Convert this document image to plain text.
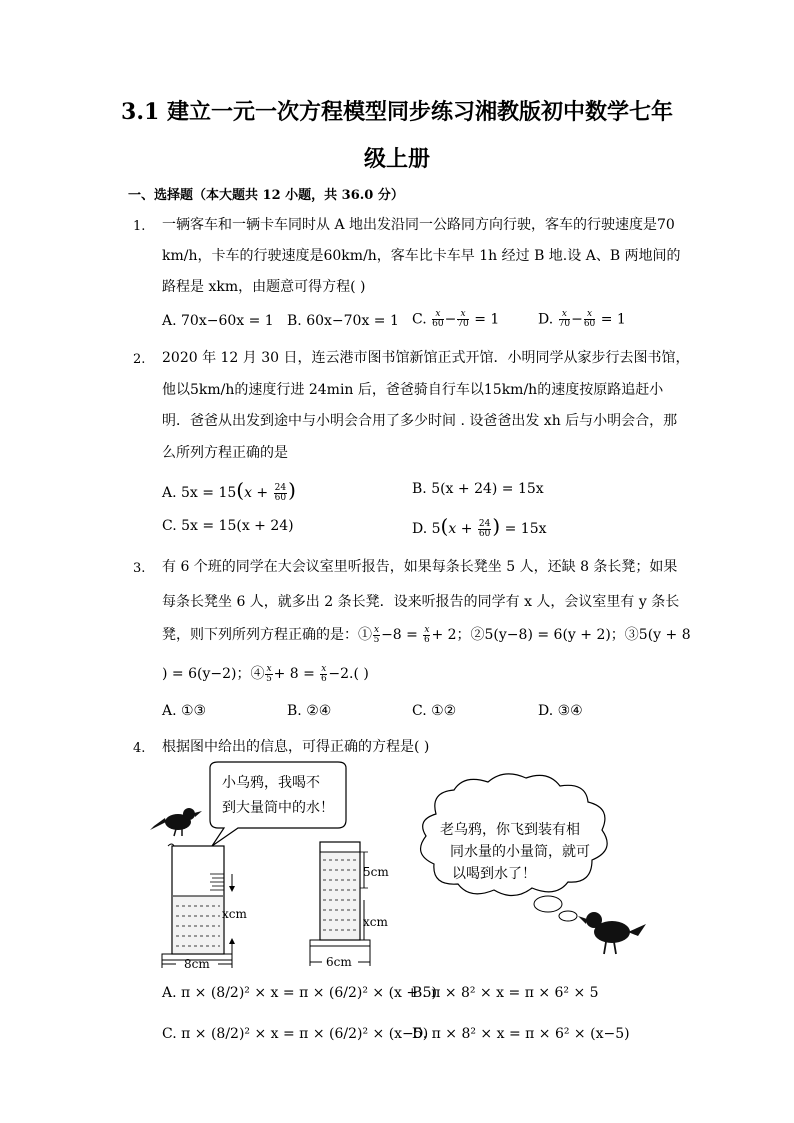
3.1 建立一元一次方程模型同步练习湘教版初中数学七年
级上册
一、选择题（本大题共 12 小题，共 36.0 分）
1. 一辆客车和一辆卡车同时从 A 地出发沿同一公路同方向行驶，客车的行驶速度是70
km/h，卡车的行驶速度是60km/h，客车比卡车早 1h 经过 B 地.设 A、B 两地间的
路程是 xkm，由题意可得方程( )
A. 70x−60x = 1 B. 60x−70x = 1 C. $\frac{x}{60} - \frac{x}{70} = 1$	D. $\frac{x}{70} - \frac{x}{60} = 1$
2. 2020 年 12 月 30 日，连云港市图书馆新馆正式开馆．小明同学从家步行去图书馆，
他以5km/h的速度行进 24min 后，爸爸骑自行车以15km/h的速度按原路追赶小
明．爸爸从出发到途中与小明会合用了多少时间 . 设爸爸出发 xh 后与小明会合，那
么所列方程正确的是
A. $5x = 15(x + \frac{24}{60}$ )	B. 5(x + 24) = 15x
C. 5x = 15(x + 24)	D. $5(x + \frac{24}{60}$ ) = 15x
3. 有 6 个班的同学在大会议室里听报告，如果每条长凳坐 5 人，还缺 8 条长凳；如果
每条长凳坐 6 人，就多出 2 条长凳．设来听报告的同学有 x 人，会议室里有 y 条长
凳，则下列所列方程正确的是：① $\frac{x}{5} -8 = \frac{x}{6} + 2$；②5(y−8) = 6(y + 2)；③5(y + 8
) = 6(y−2)；④ $\frac{x}{5} + 8 = \frac{x}{6} -2$.( )
A. ①③	B. ②④	C. ①②	D. ③④
4. 根据图中给出的信息，可得正确的方程是( )
小乌鸦，我喝不
到大量筒中的水！
xcm
8cm
5cm
xcm
6cm
老乌鸦，你飞到装有相
同水量的小量筒，就可
以喝到水了！
A. π × (8/2)² × x = π × (6/2)² × (x + 5)
B. π × 8² × x = π × 6² × 5
C. π × (8/2)² × x = π × (6/2)² × (x−5)
D. π × 8² × x = π × 6² × (x−5)
